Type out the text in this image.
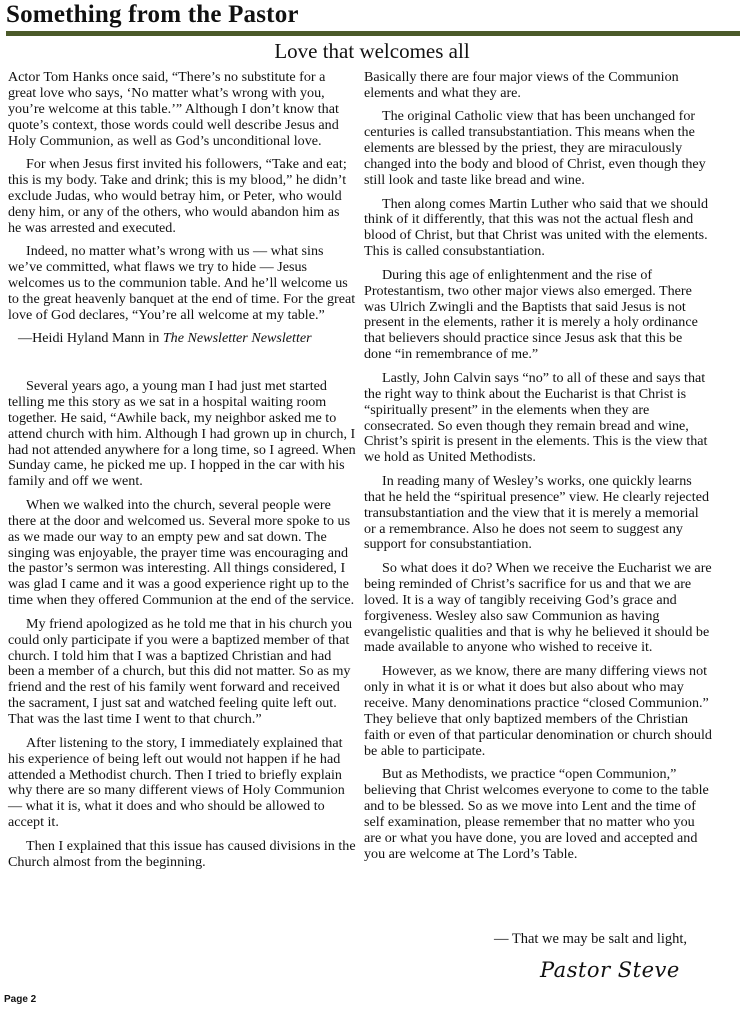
Something from the Pastor
Love that welcomes all

Actor Tom Hanks once said, “There’s no substitute for a great love who says, ‘No matter what’s wrong with you, you’re welcome at this table.’” Although I don’t know that quote’s context, those words could well describe Jesus and Holy Communion, as well as God’s unconditional love.

For when Jesus first invited his followers, “Take and eat; this is my body. Take and drink; this is my blood,” he didn’t exclude Judas, who would betray him, or Peter, who would deny him, or any of the others, who would abandon him as he was arrested and executed.

Indeed, no matter what’s wrong with us — what sins we’ve committed, what flaws we try to hide — Jesus welcomes us to the communion table. And he’ll welcome us to the great heavenly banquet at the end of time. For the great love of God declares, “You’re all welcome at my table.”

—Heidi Hyland Mann in The Newsletter Newsletter

Several years ago, a young man I had just met started telling me this story as we sat in a hospital waiting room together. He said, “Awhile back, my neighbor asked me to attend church with him. Although I had grown up in church, I had not attended anywhere for a long time, so I agreed. When Sunday came, he picked me up. I hopped in the car with his family and off we went.

When we walked into the church, several people were there at the door and welcomed us. Several more spoke to us as we made our way to an empty pew and sat down. The singing was enjoyable, the prayer time was encouraging and the pastor’s sermon was interesting. All things considered, I was glad I came and it was a good experience right up to the time when they offered Communion at the end of the service.

My friend apologized as he told me that in his church you could only participate if you were a baptized member of that church. I told him that I was a baptized Christian and had been a member of a church, but this did not matter. So as my friend and the rest of his family went forward and received the sacrament, I just sat and watched feeling quite left out. That was the last time I went to that church.”

After listening to the story, I immediately explained that his experience of being left out would not happen if he had attended a Methodist church. Then I tried to briefly explain why there are so many different views of Holy Communion — what it is, what it does and who should be allowed to accept it.

Then I explained that this issue has caused divisions in the Church almost from the beginning.

Basically there are four major views of the Communion elements and what they are.

The original Catholic view that has been unchanged for centuries is called transubstantiation. This means when the elements are blessed by the priest, they are miraculously changed into the body and blood of Christ, even though they still look and taste like bread and wine.

Then along comes Martin Luther who said that we should think of it differently, that this was not the actual flesh and blood of Christ, but that Christ was united with the elements. This is called consubstantiation.

During this age of enlightenment and the rise of Protestantism, two other major views also emerged. There was Ulrich Zwingli and the Baptists that said Jesus is not present in the elements, rather it is merely a holy ordinance that believers should practice since Jesus ask that this be done “in remembrance of me.”

Lastly, John Calvin says “no” to all of these and says that the right way to think about the Eucharist is that Christ is “spiritually present” in the elements when they are consecrated. So even though they remain bread and wine, Christ’s spirit is present in the elements. This is the view that we hold as United Methodists.

In reading many of Wesley’s works, one quickly learns that he held the “spiritual presence” view. He clearly rejected transubstantiation and the view that it is merely a memorial or a remembrance. Also he does not seem to suggest any support for consubstantiation.

So what does it do? When we receive the Eucharist we are being reminded of Christ’s sacrifice for us and that we are loved. It is a way of tangibly receiving God’s grace and forgiveness. Wesley also saw Communion as having evangelistic qualities and that is why he believed it should be made available to anyone who wished to receive it.

However, as we know, there are many differing views not only in what it is or what it does but also about who may receive. Many denominations practice “closed Communion.” They believe that only baptized members of the Christian faith or even of that particular denomination or church should be able to participate.

But as Methodists, we practice “open Communion,” believing that Christ welcomes everyone to come to the table and to be blessed. So as we move into Lent and the time of self examination, please remember that no matter who you are or what you have done, you are loved and accepted and you are welcome at The Lord’s Table.

— That we may be salt and light,
Pastor Steve
Page 2
